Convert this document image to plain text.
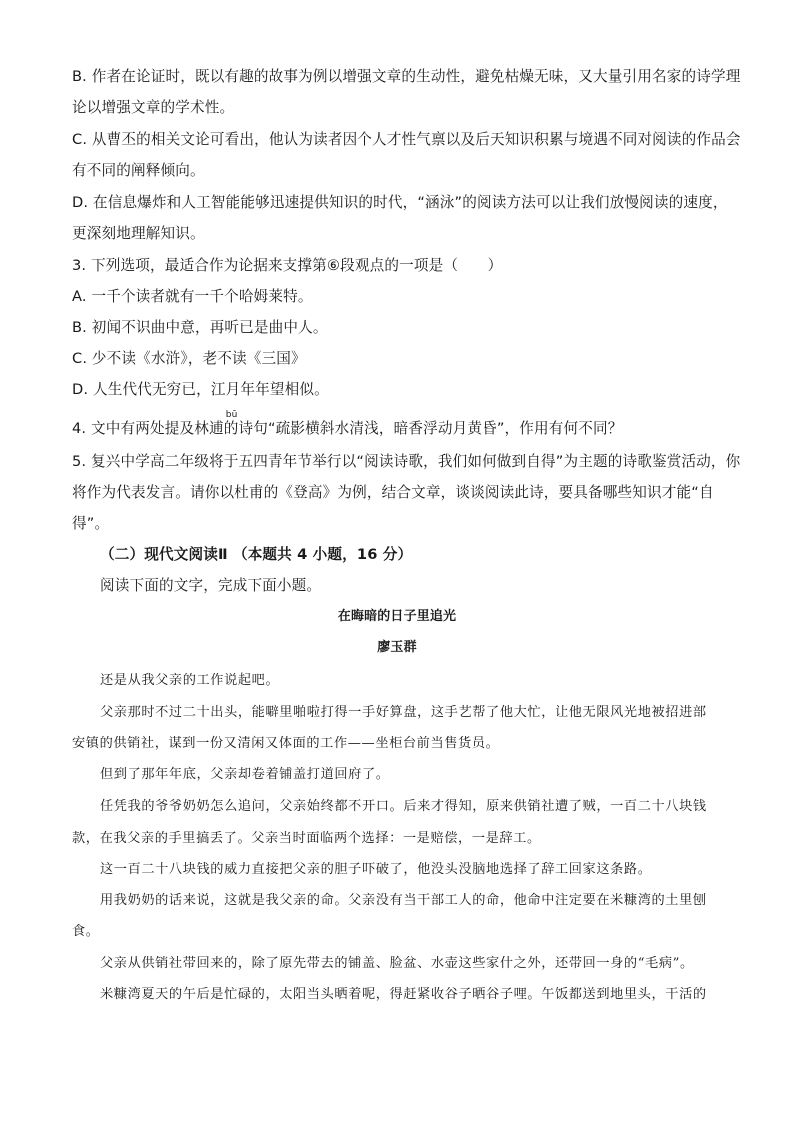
B. 作者在论证时，既以有趣的故事为例以增强文章的生动性，避免枯燥无味，又大量引用名家的诗学理
论以增强文章的学术性。
C. 从曹丕的相关文论可看出，他认为读者因个人才性气禀以及后天知识积累与境遇不同对阅读的作品会
有不同的阐释倾向。
D. 在信息爆炸和人工智能能够迅速提供知识的时代，“涵泳”的阅读方法可以让我们放慢阅读的速度，
更深刻地理解知识。
3. 下列选项，最适合作为论据来支撑第⑥段观点的一项是（　　）
A. 一千个读者就有一千个哈姆莱特。
B. 初闻不识曲中意，再听已是曲中人。
C. 少不读《水浒》，老不读《三国》
D. 人生代代无穷已，江月年年望相似。
4. 文中有两处提及林逋
bū
的诗句“疏影横斜水清浅，暗香浮动月黄昏”，作用有何不同？
5. 复兴中学高二年级将于五四青年节举行以“阅读诗歌，我们如何做到自得”为主题的诗歌鉴赏活动，你
将作为代表发言。请你以杜甫的《登高》为例，结合文章，谈谈阅读此诗，要具备哪些知识才能“自
得”。
（二）现代文阅读Ⅱ （本题共 4 小题，16 分）
阅读下面的文字，完成下面小题。
在晦暗的日子里追光
廖玉群
还是从我父亲的工作说起吧。
父亲那时不过二十出头，能噼里啪啦打得一手好算盘，这手艺帮了他大忙，让他无限风光地被招进部
安镇的供销社，谋到一份又清闲又体面的工作——坐柜台前当售货员。
但到了那年年底，父亲却卷着铺盖打道回府了。
任凭我的爷爷奶奶怎么追问，父亲始终都不开口。后来才得知，原来供销社遭了贼，一百二十八块钱
款，在我父亲的手里搞丢了。父亲当时面临两个选择：一是赔偿，一是辞工。
这一百二十八块钱的威力直接把父亲的胆子吓破了，他没头没脑地选择了辞工回家这条路。
用我奶奶的话来说，这就是我父亲的命。父亲没有当干部工人的命，他命中注定要在米糠湾的土里刨
食。
父亲从供销社带回来的，除了原先带去的铺盖、脸盆、水壶这些家什之外，还带回一身的“毛病”。
米糠湾夏天的午后是忙碌的，太阳当头晒着呢，得赶紧收谷子晒谷子哩。午饭都送到地里头，干活的
